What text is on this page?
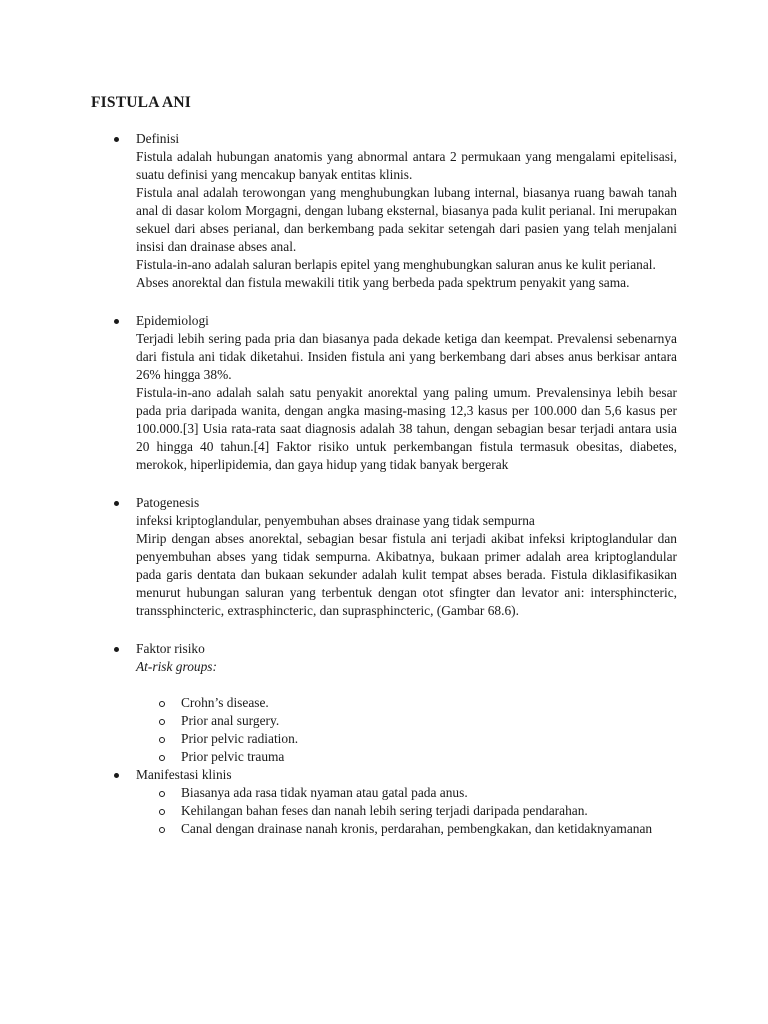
FISTULA ANI

Definisi

Fistula adalah hubungan anatomis yang abnormal antara 2 permukaan yang mengalami epitelisasi, suatu definisi yang mencakup banyak entitas klinis.

Fistula anal adalah terowongan yang menghubungkan lubang internal, biasanya ruang bawah tanah anal di dasar kolom Morgagni, dengan lubang eksternal, biasanya pada kulit perianal. Ini merupakan sekuel dari abses perianal, dan berkembang pada sekitar setengah dari pasien yang telah menjalani insisi dan drainase abses anal.

Fistula-in-ano adalah saluran berlapis epitel yang menghubungkan saluran anus ke kulit perianal.

Abses anorektal dan fistula mewakili titik yang berbeda pada spektrum penyakit yang sama.

Epidemiologi

Terjadi lebih sering pada pria dan biasanya pada dekade ketiga dan keempat. Prevalensi sebenarnya dari fistula ani tidak diketahui. Insiden fistula ani yang berkembang dari abses anus berkisar antara 26% hingga 38%.

Fistula-in-ano adalah salah satu penyakit anorektal yang paling umum. Prevalensinya lebih besar pada pria daripada wanita, dengan angka masing-masing 12,3 kasus per 100.000 dan 5,6 kasus per 100.000.[3] Usia rata-rata saat diagnosis adalah 38 tahun, dengan sebagian besar terjadi antara usia 20 hingga 40 tahun.[4] Faktor risiko untuk perkembangan fistula termasuk obesitas, diabetes, merokok, hiperlipidemia, dan gaya hidup yang tidak banyak bergerak

Patogenesis

infeksi kriptoglandular, penyembuhan abses drainase yang tidak sempurna

Mirip dengan abses anorektal, sebagian besar fistula ani terjadi akibat infeksi kriptoglandular dan penyembuhan abses yang tidak sempurna. Akibatnya, bukaan primer adalah area kriptoglandular pada garis dentata dan bukaan sekunder adalah kulit tempat abses berada. Fistula diklasifikasikan menurut hubungan saluran yang terbentuk dengan otot sfingter dan levator ani: intersphincteric, transsphincteric, extrasphincteric, dan suprasphincteric, (Gambar 68.6).

Faktor risiko

At-risk groups:

Crohn’s disease.
Prior anal surgery.
Prior pelvic radiation.
Prior pelvic trauma

Manifestasi klinis

Biasanya ada rasa tidak nyaman atau gatal pada anus.
Kehilangan bahan feses dan nanah lebih sering terjadi daripada pendarahan.
Canal dengan drainase nanah kronis, perdarahan, pembengkakan, dan ketidaknyamanan
